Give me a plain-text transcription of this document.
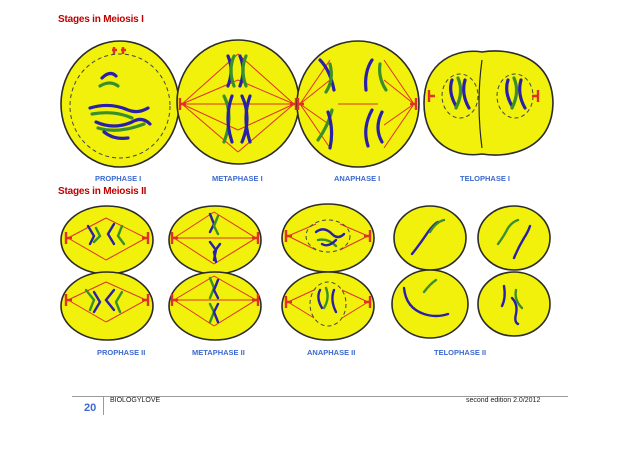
Stages in Meiosis I
Stages in Meiosis II
PROPHASE I	METAPHASE I	ANAPHASE I	TELOPHASE I
PROPHASE II	METAPHASE II	ANAPHASE II	TELOPHASE II
20
BIOLOGYLOVE	second edition 2.0/2012
